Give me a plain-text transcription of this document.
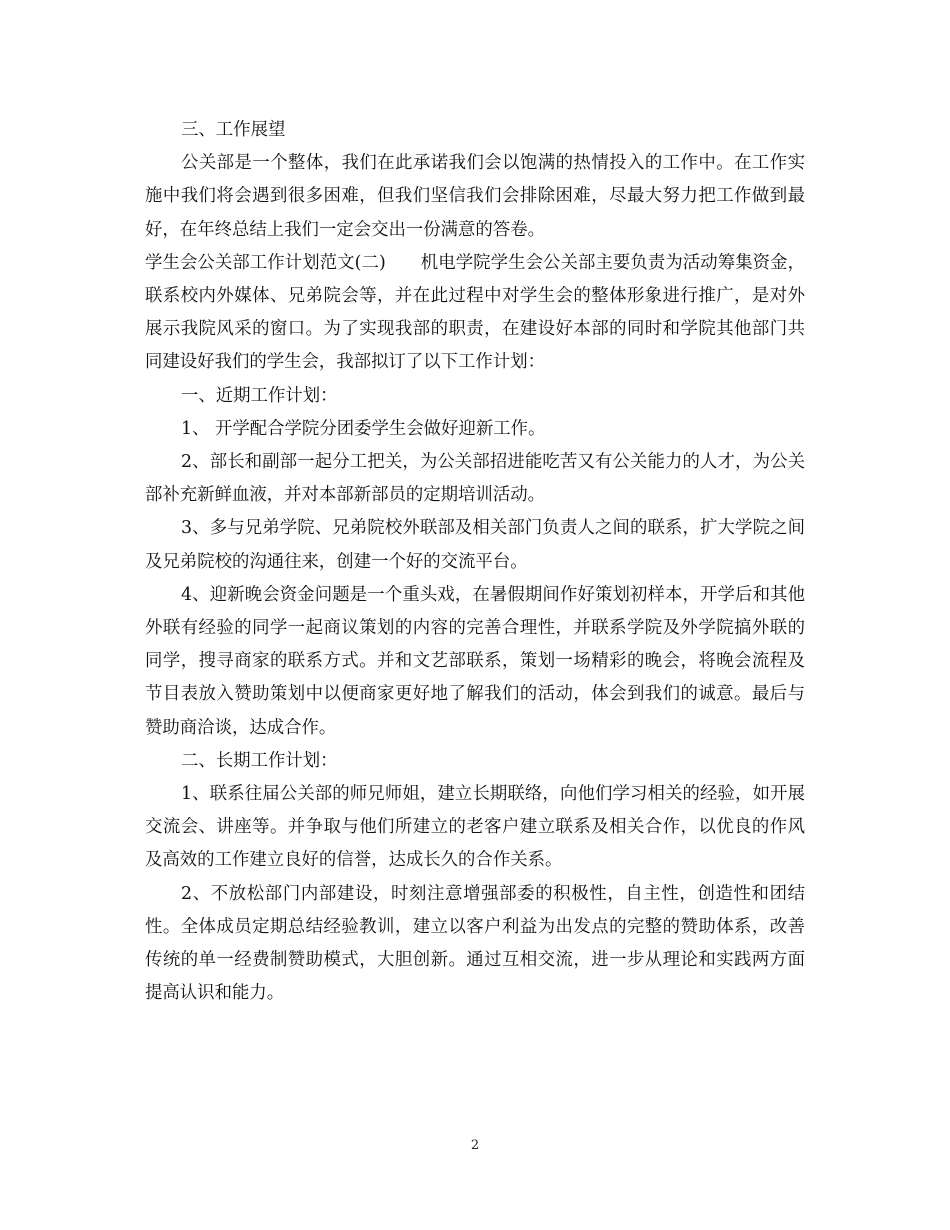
三、工作展望

公关部是一个整体，我们在此承诺我们会以饱满的热情投入的工作中。在工作实施中我们将会遇到很多困难，但我们坚信我们会排除困难，尽最大努力把工作做到最好，在年终总结上我们一定会交出一份满意的答卷。

学生会公关部工作计划范文(二)　　机电学院学生会公关部主要负责为活动筹集资金，联系校内外媒体、兄弟院会等，并在此过程中对学生会的整体形象进行推广，是对外展示我院风采的窗口。为了实现我部的职责，在建设好本部的同时和学院其他部门共同建设好我们的学生会，我部拟订了以下工作计划：

一、近期工作计划：

1、 开学配合学院分团委学生会做好迎新工作。

2、部长和副部一起分工把关，为公关部招进能吃苦又有公关能力的人才，为公关部补充新鲜血液，并对本部新部员的定期培训活动。

3、多与兄弟学院、兄弟院校外联部及相关部门负责人之间的联系，扩大学院之间及兄弟院校的沟通往来，创建一个好的交流平台。

4、迎新晚会资金问题是一个重头戏，在暑假期间作好策划初样本，开学后和其他外联有经验的同学一起商议策划的内容的完善合理性，并联系学院及外学院搞外联的同学，搜寻商家的联系方式。并和文艺部联系，策划一场精彩的晚会，将晚会流程及节目表放入赞助策划中以便商家更好地了解我们的活动，体会到我们的诚意。最后与赞助商洽谈，达成合作。

二、长期工作计划：

1、联系往届公关部的师兄师姐，建立长期联络，向他们学习相关的经验，如开展交流会、讲座等。并争取与他们所建立的老客户建立联系及相关合作，以优良的作风及高效的工作建立良好的信誉，达成长久的合作关系。

2、不放松部门内部建设，时刻注意增强部委的积极性，自主性，创造性和团结性。全体成员定期总结经验教训，建立以客户利益为出发点的完整的赞助体系，改善传统的单一经费制赞助模式，大胆创新。通过互相交流，进一步从理论和实践两方面提高认识和能力。

2
